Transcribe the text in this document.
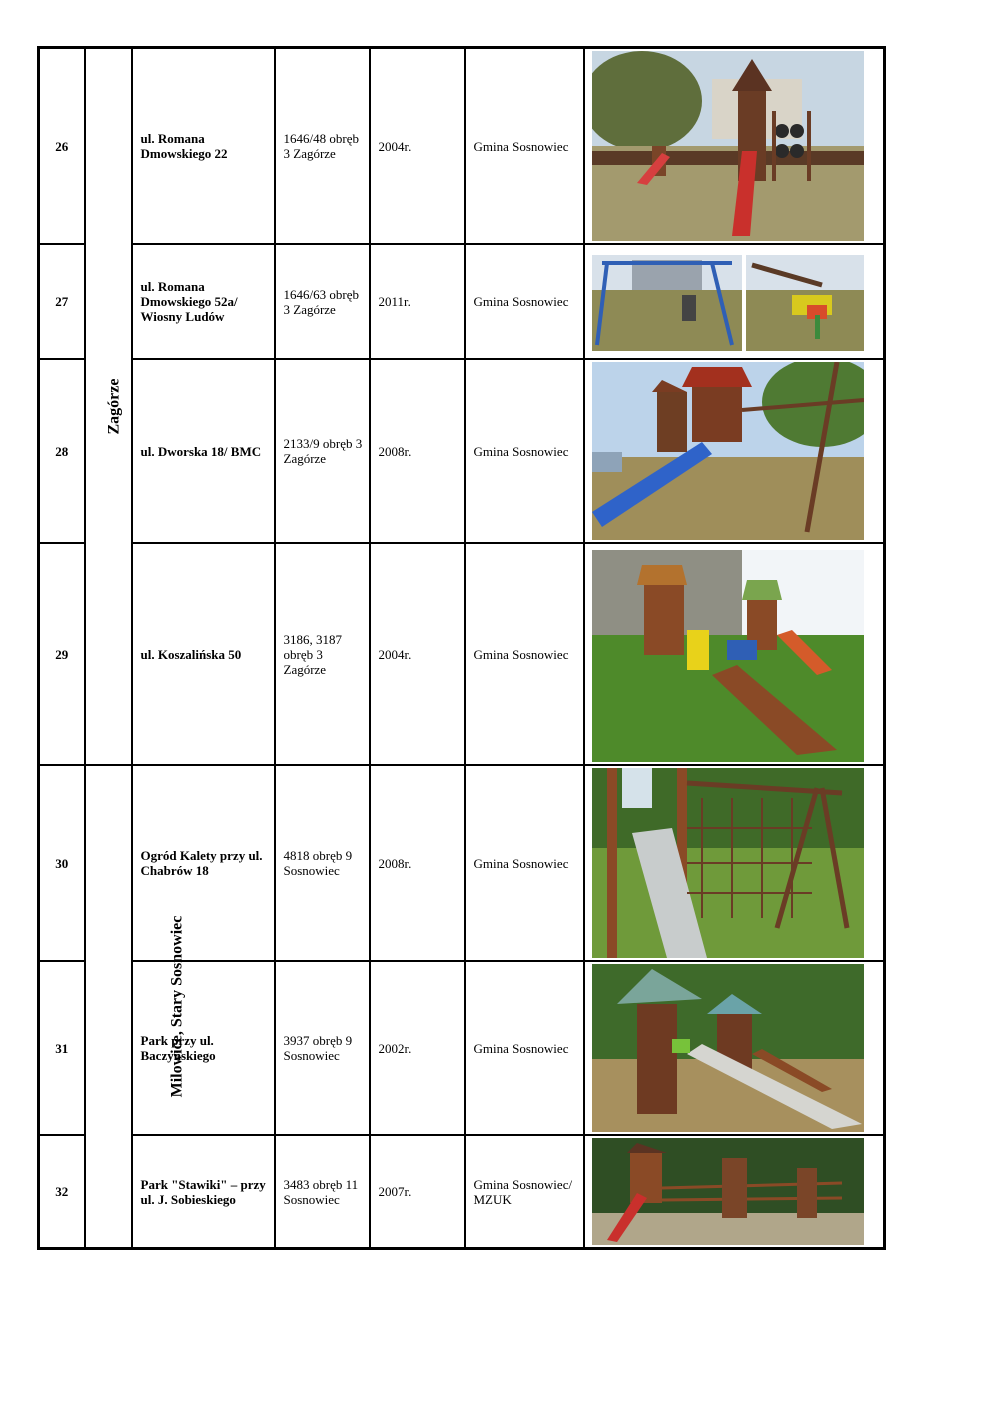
26	Zagórze	ul. Romana Dmowskiego 22	1646/48 obręb 3 Zagórze	2004r.	Gmina Sosnowiec	

27		ul. Romana Dmowskiego 52a/ Wiosny Ludów	1646/63 obręb 3 Zagórze	2011r.	Gmina Sosnowiec	

28		ul. Dworska 18/ BMC	2133/9 obręb 3 Zagórze	2008r.	Gmina Sosnowiec	

29		ul. Koszalińska 50	3186, 3187 obręb 3 Zagórze	2004r.	Gmina Sosnowiec	

30	Milowice, Stary Sosnowiec	Ogród Kalety przy ul. Chabrów 18	4818 obręb 9 Sosnowiec	2008r.	Gmina Sosnowiec	

31		Park przy ul. Baczyńskiego	3937 obręb 9 Sosnowiec	2002r.	Gmina Sosnowiec	

32		Park "Stawiki" – przy ul. J. Sobieskiego	3483 obręb 11 Sosnowiec	2007r.	Gmina Sosnowiec/ MZUK	
